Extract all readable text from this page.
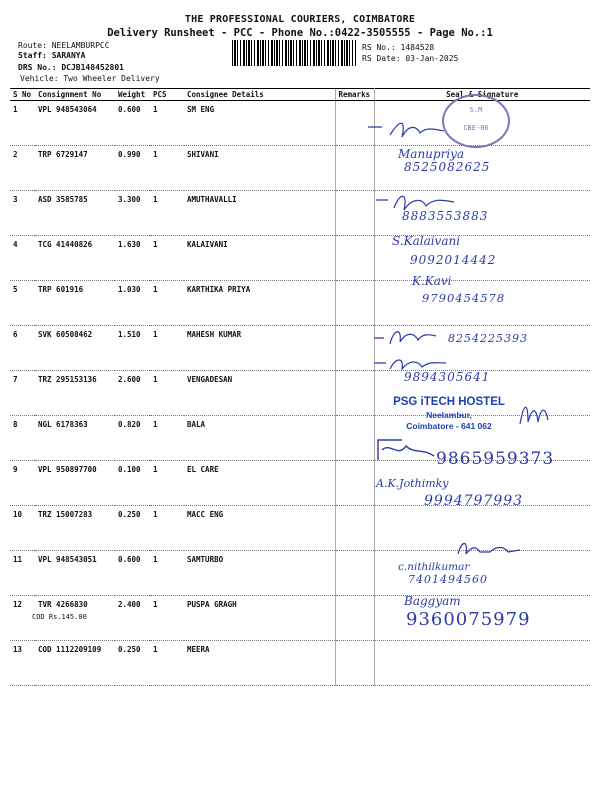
THE PROFESSIONAL COURIERS, COIMBATORE
Delivery Runsheet - PCC - Phone No.:0422-3505555 - Page No.:1
Route: NEELAMBURPCC
Staff: SARANYA
DRS No.: DCJB148452801
Vehicle: Two Wheeler Delivery
RS No.: 1484528
RS Date: 03-Jan-2025
S No	Consignment No	Weight	PCS	Consignee Details	Remarks	Seal & Signature
1	VPL 948543064	0.600	1	SM ENG		
2	TRP 6729147	0.990	1	SHIVANI		
3	ASD 3585785	3.300	1	AMUTHAVALLI		
4	TCG 41440826	1.630	1	KALAIVANI		
5	TRP 601916	1.030	1	KARTHIKA PRIYA		
6	SVK 60508462	1.510	1	MAHESH KUMAR		
7	TRZ 295153136	2.600	1	VENGADESAN		
8	NGL 6178363	0.820	1	BALA		
9	VPL 950897700	0.100	1	EL CARE		
10	TRZ 15007283	0.250	1	MACC ENG		
11	VPL 948543051	0.600	1	SAMTURBO		
12	TVR 4266830	2.400	1	PUSPA GRAGH		
13	COD 1112209109	0.250	1	MEERA		
COD Rs.145.00
S.M
CBE-06
PSG iTECH HOSTEL
Neelambur,
Coimbatore - 641 062
Manupriya
8525082625
8883553883
S.Kalaivani
9092014442
K.Kavi
9790454578
8254225393
9894305641
9865959373
A.K.Jothimky
9994797993
c.nithilkumar
7401494560
Baggyam
9360075979
